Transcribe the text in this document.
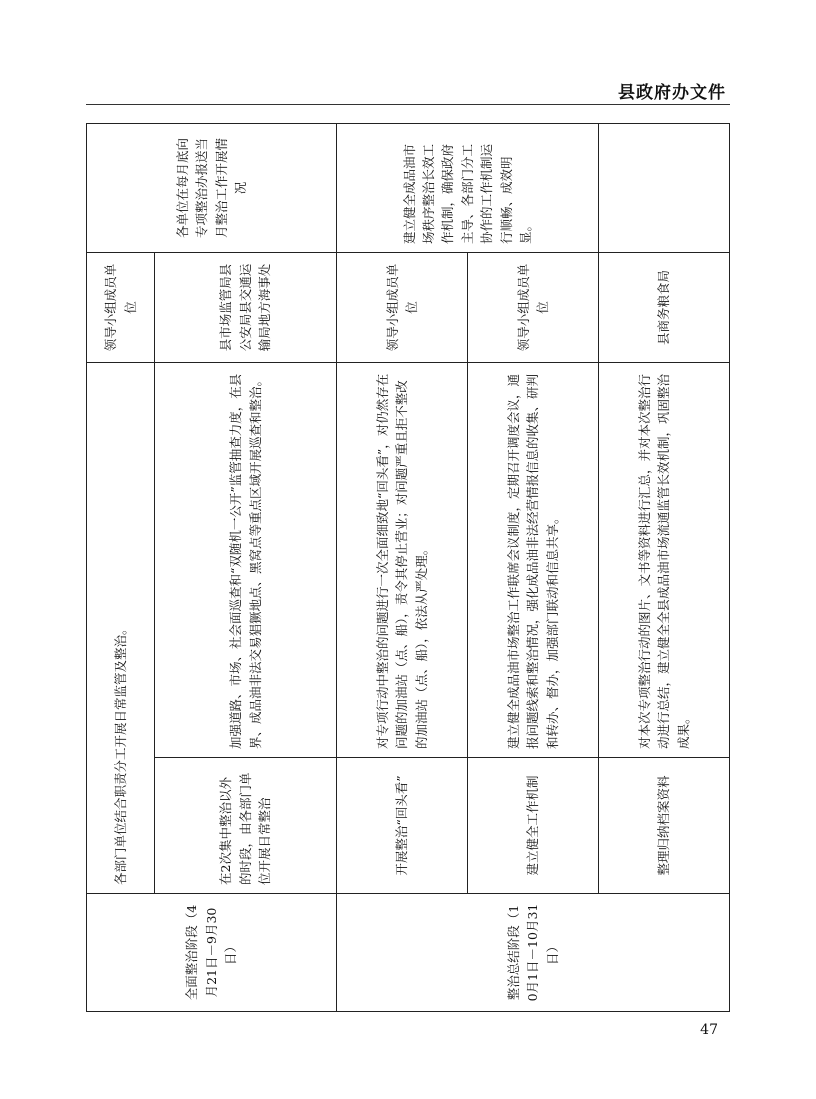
县政府办文件
全面整治阶段（4月21日－9月30日）	各部门单位结合职责分工开展日常监管及整治。		领导小组成员单位	各单位在每月底向专项整治办报送当月整治工作开展情况
	在2次集中整治以外的时段，由各部门单位开展日常整治	加强道路、市场、社会面巡查和“双随机一公开”监管抽查力度，在县界、成品油非法交易猖獗地点、黑窝点等重点区域开展巡查和整治。	县市场监管局县公安局县交通运输局地方海事处	
整治总结阶段（10月1日－10月31日）	开展整治“回头看”	对专项行动中整治的问题进行一次全面细致地“回头看”，对仍然存在问题的加油站（点、船），责令其停止营业；对问题严重且拒不整改的加油站（点、船），依法从严处理。	领导小组成员单位	建立健全成品油市场秩序整治长效工作机制，确保政府主导、各部门分工协作的工作机制运行顺畅、成效明显。
	建立健全工作机制	建立健全成品油市场整治工作联席会议制度，定期召开调度会议，通报问题线索和整治情况，强化成品油非法经营情报信息的收集、研判和转办、督办，加强部门联动和信息共享。	领导小组成员单位	
	整理归纳档案资料	对本次专项整治行动的图片、文书等资料进行汇总，并对本次整治行动进行总结，建立健全全县成品油市场流通监管长效机制，巩固整治成果。	县商务粮食局	
47
